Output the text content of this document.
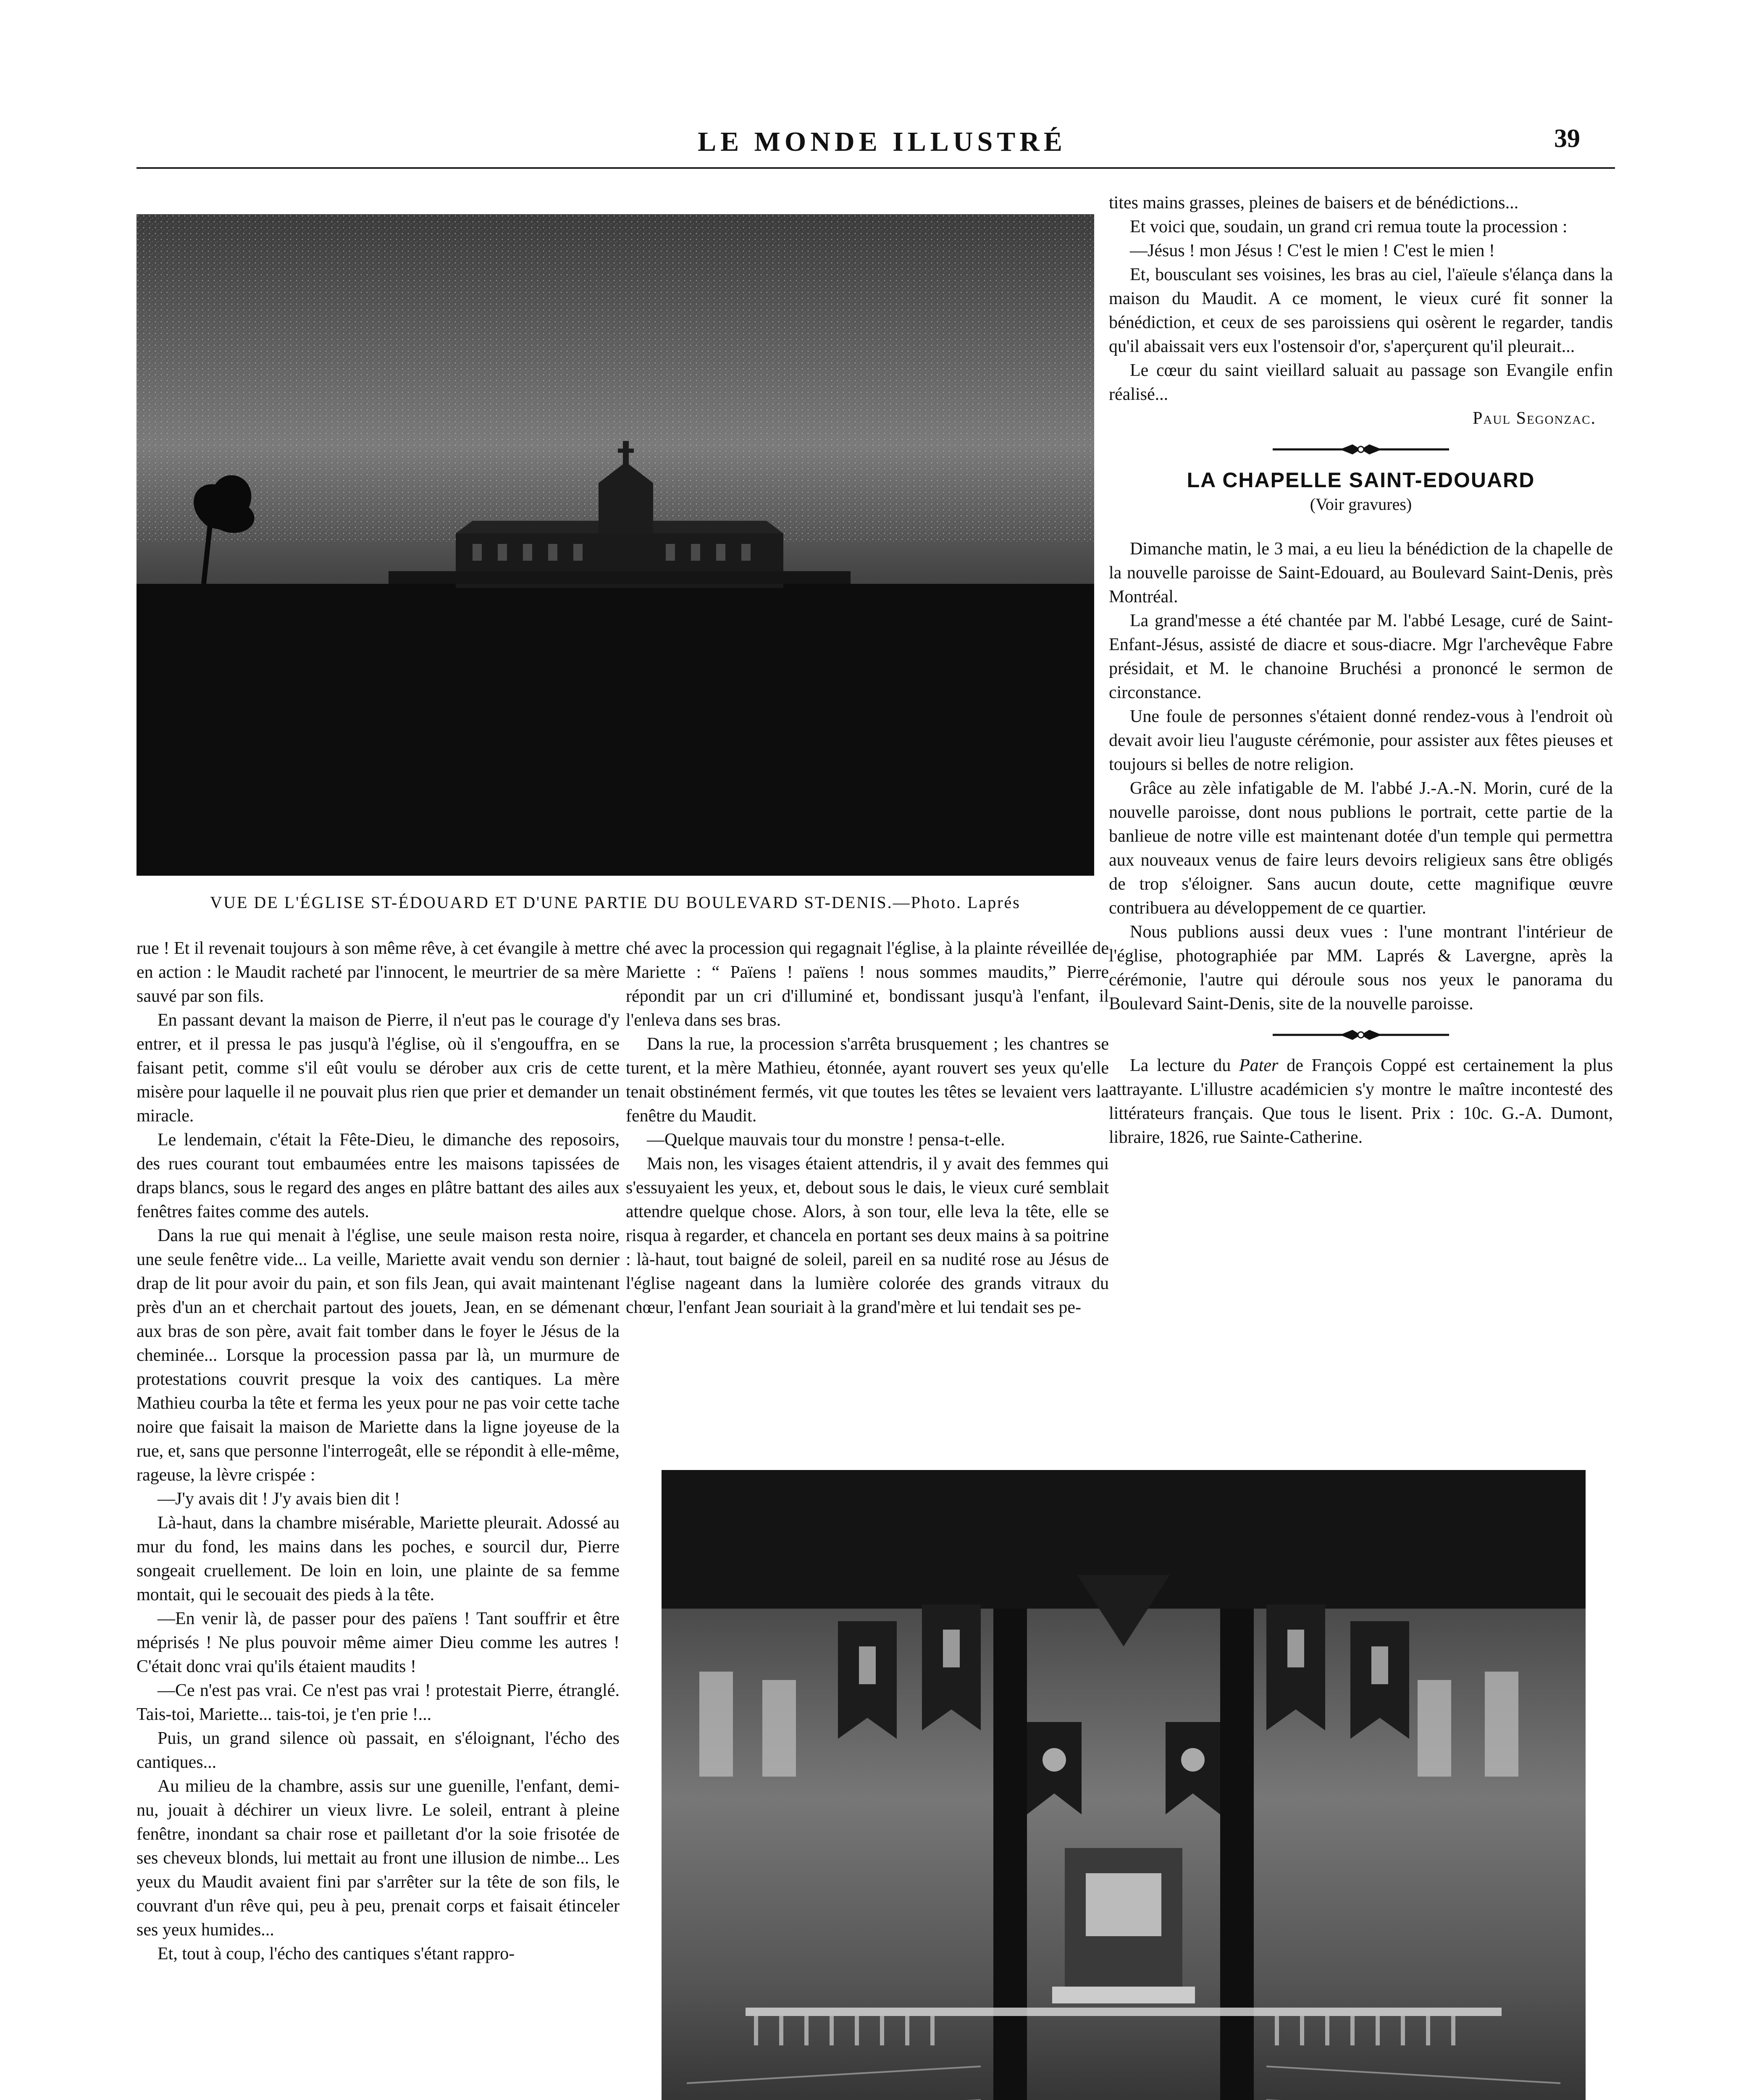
LE MONDE ILLUSTRÉ	39
VUE DE L'ÉGLISE ST-ÉDOUARD ET D'UNE PARTIE DU BOULEVARD ST-DENIS.—Photo. Laprés

tites mains grasses, pleines de baisers et de bénédictions...

Et voici que, soudain, un grand cri remua toute la procession :

—Jésus ! mon Jésus ! C'est le mien ! C'est le mien !

Et, bousculant ses voisines, les bras au ciel, l'aïeule s'élança dans la maison du Maudit. A ce moment, le vieux curé fit sonner la bénédiction, et ceux de ses paroissiens qui osèrent le regarder, tandis qu'il abaissait vers eux l'ostensoir d'or, s'aperçurent qu'il pleurait...

Le cœur du saint vieillard saluait au passage son Evangile enfin réalisé...

Paul Segonzac.

LA CHAPELLE SAINT-EDOUARD
(Voir gravures)

Dimanche matin, le 3 mai, a eu lieu la bénédiction de la chapelle de la nouvelle paroisse de Saint-Edouard, au Boulevard Saint-Denis, près Montréal.

La grand'messe a été chantée par M. l'abbé Lesage, curé de Saint-Enfant-Jésus, assisté de diacre et sous-diacre. Mgr l'archevêque Fabre présidait, et M. le chanoine Bruchési a prononcé le sermon de circonstance.

Une foule de personnes s'étaient donné rendez-vous à l'endroit où devait avoir lieu l'auguste cérémonie, pour assister aux fêtes pieuses et toujours si belles de notre religion.

Grâce au zèle infatigable de M. l'abbé J.-A.-N. Morin, curé de la nouvelle paroisse, dont nous publions le portrait, cette partie de la banlieue de notre ville est maintenant dotée d'un temple qui permettra aux nouveaux venus de faire leurs devoirs religieux sans être obligés de trop s'éloigner. Sans aucun doute, cette magnifique œuvre contribuera au développement de ce quartier.

Nous publions aussi deux vues : l'une montrant l'intérieur de l'église, photographiée par MM. Laprés & Lavergne, après la cérémonie, l'autre qui déroule sous nos yeux le panorama du Boulevard Saint-Denis, site de la nouvelle paroisse.

La lecture du Pater de François Coppé est certainement la plus attrayante. L'illustre académicien s'y montre le maître incontesté des littérateurs français. Que tous le lisent. Prix : 10c. G.-A. Dumont, libraire, 1826, rue Sainte-Catherine.

rue ! Et il revenait toujours à son même rêve, à cet évangile à mettre en action : le Maudit racheté par l'innocent, le meurtrier de sa mère sauvé par son fils.

En passant devant la maison de Pierre, il n'eut pas le courage d'y entrer, et il pressa le pas jusqu'à l'église, où il s'engouffra, en se faisant petit, comme s'il eût voulu se dérober aux cris de cette misère pour laquelle il ne pouvait plus rien que prier et demander un miracle.

Le lendemain, c'était la Fête-Dieu, le dimanche des reposoirs, des rues courant tout embaumées entre les maisons tapissées de draps blancs, sous le regard des anges en plâtre battant des ailes aux fenêtres faites comme des autels.

Dans la rue qui menait à l'église, une seule maison resta noire, une seule fenêtre vide... La veille, Mariette avait vendu son dernier drap de lit pour avoir du pain, et son fils Jean, qui avait maintenant près d'un an et cherchait partout des jouets, Jean, en se démenant aux bras de son père, avait fait tomber dans le foyer le Jésus de la cheminée... Lorsque la procession passa par là, un murmure de protestations couvrit presque la voix des cantiques. La mère Mathieu courba la tête et ferma les yeux pour ne pas voir cette tache noire que faisait la maison de Mariette dans la ligne joyeuse de la rue, et, sans que personne l'interrogeât, elle se répondit à elle-même, rageuse, la lèvre crispée :

—J'y avais dit ! J'y avais bien dit !

Là-haut, dans la chambre misérable, Mariette pleurait. Adossé au mur du fond, les mains dans les poches, e sourcil dur, Pierre songeait cruellement. De loin en loin, une plainte de sa femme montait, qui le secouait des pieds à la tête.

—En venir là, de passer pour des païens ! Tant souffrir et être méprisés ! Ne plus pouvoir même aimer Dieu comme les autres ! C'était donc vrai qu'ils étaient maudits !

—Ce n'est pas vrai. Ce n'est pas vrai ! protestait Pierre, étranglé. Tais-toi, Mariette... tais-toi, je t'en prie !...

Puis, un grand silence où passait, en s'éloignant, l'écho des cantiques...

Au milieu de la chambre, assis sur une guenille, l'enfant, demi-nu, jouait à déchirer un vieux livre. Le soleil, entrant à pleine fenêtre, inondant sa chair rose et pailletant d'or la soie frisotée de ses cheveux blonds, lui mettait au front une illusion de nimbe... Les yeux du Maudit avaient fini par s'arrêter sur la tête de son fils, le couvrant d'un rêve qui, peu à peu, prenait corps et faisait étinceler ses yeux humides...

Et, tout à coup, l'écho des cantiques s'étant rappro-

ché avec la procession qui regagnait l'église, à la plainte réveillée de Mariette : “ Païens ! païens ! nous sommes maudits,” Pierre répondit par un cri d'illuminé et, bondissant jusqu'à l'enfant, il l'enleva dans ses bras.

Dans la rue, la procession s'arrêta brusquement ; les chantres se turent, et la mère Mathieu, étonnée, ayant rouvert ses yeux qu'elle tenait obstinément fermés, vit que toutes les têtes se levaient vers la fenêtre du Maudit.

—Quelque mauvais tour du monstre ! pensa-t-elle.

Mais non, les visages étaient attendris, il y avait des femmes qui s'essuyaient les yeux, et, debout sous le dais, le vieux curé semblait attendre quelque chose. Alors, à son tour, elle leva la tête, elle se risqua à regarder, et chancela en portant ses deux mains à sa poitrine : là-haut, tout baigné de soleil, pareil en sa nudité rose au Jésus de l'église nageant dans la lumière colorée des grands vitraux du chœur, l'enfant Jean souriait à la grand'mère et lui tendait ses pe-
